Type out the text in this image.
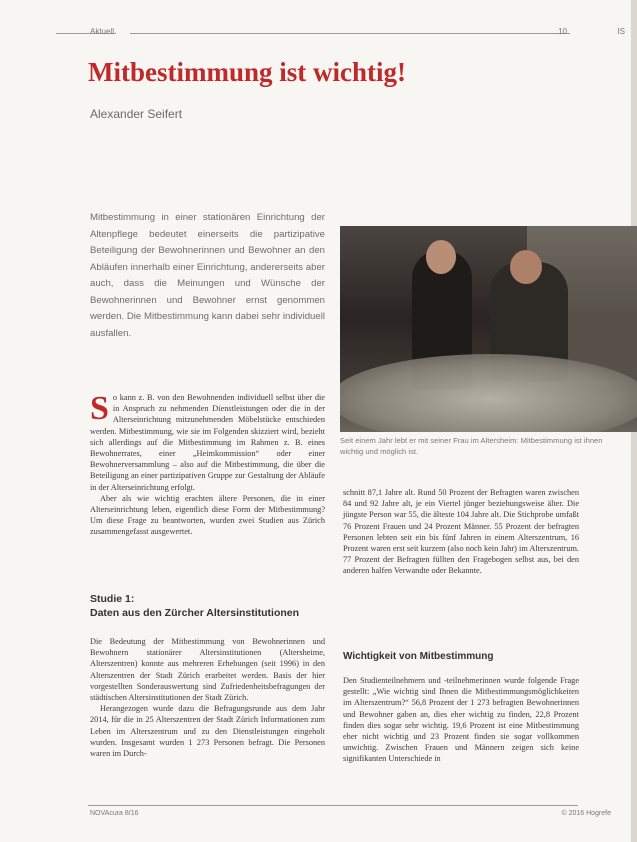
Aktuell	10	IS
Mitbestimmung ist wichtig!
Alexander Seifert

Mitbestimmung in einer stationären Einrichtung der Altenpflege bedeutet einerseits die partizipative Beteiligung der Bewohnerinnen und Bewohner an den Abläufen innerhalb einer Einrichtung, andererseits aber auch, dass die Meinungen und Wünsche der Bewohnerinnen und Bewohner ernst genommen werden. Die Mitbestimmung kann dabei sehr individuell ausfallen.

Seit einem Jahr lebt er mit seiner Frau im Altersheim: Mitbestimmung ist ihnen wichtig und möglich ist.

So kann z. B. von den Bewohnenden individuell selbst über die in Anspruch zu nehmenden Dienstleistungen oder die in der Alterseinrichtung mitzunehmenden Möbelstücke entschieden werden. Mitbestimmung, wie sie im Folgenden skizziert wird, bezieht sich allerdings auf die Mitbestimmung im Rahmen z. B. eines Bewohnerrates, einer „Heimkommission“ oder einer Bewohnerversammlung – also auf die Mitbestimmung, die über die Beteiligung an einer partizipativen Gruppe zur Gestaltung der Abläufe in der Alterseinrichtung erfolgt.

Aber als wie wichtig erachten ältere Personen, die in einer Alterseinrichtung leben, eigentlich diese Form der Mitbestimmung? Um diese Frage zu beantworten, wurden zwei Studien aus Zürich zusammengefasst ausgewertet.

Studie 1:
Daten aus den Zürcher Altersinstitutionen

Die Bedeutung der Mitbestimmung von Bewohnerinnen und Bewohnern stationärer Altersinstitutionen (Altersheime, Alterszentren) konnte aus mehreren Erhebungen (seit 1996) in den Alterszentren der Stadt Zürich erarbeitet werden. Basis der hier vorgestellten Sonderauswertung sind Zufriedenheitsbefragungen der städtischen Altersinstitutionen der Stadt Zürich.

Herangezogen wurde dazu die Befragungsrunde aus dem Jahr 2014, für die in 25 Alterszentren der Stadt Zürich Informationen zum Leben im Alterszentrum und zu den Dienstleistungen eingeholt wurden. Insgesamt wurden 1 273 Personen befragt. Die Personen waren im Durch-

schnitt 87,1 Jahre alt. Rund 50 Prozent der Befragten waren zwischen 84 und 92 Jahre alt, je ein Viertel jünger beziehungsweise älter. Die jüngste Person war 55, die älteste 104 Jahre alt. Die Stichprobe umfaßt 76 Prozent Frauen und 24 Prozent Männer. 55 Prozent der befragten Personen lebten seit ein bis fünf Jahren in einem Alterszentrum, 16 Prozent waren erst seit kurzem (also noch kein Jahr) im Alterszentrum. 77 Prozent der Befragten füllten den Fragebogen selbst aus, bei den anderen halfen Verwandte oder Bekannte.

Wichtigkeit von Mitbestimmung

Den Studienteilnehmern und -teilnehmerinnen wurde folgende Frage gestellt: „Wie wichtig sind Ihnen die Mitbestimmungsmöglichkeiten im Alterszentrum?“ 56,8 Prozent der 1 273 befragten Bewohnerinnen und Bewohner gaben an, dies eher wichtig zu finden, 22,8 Prozent finden dies sogar sehr wichtig. 19,6 Prozent ist eine Mitbestimmung eher nicht wichtig und 23 Prozent finden sie sogar vollkommen unwichtig. Zwischen Frauen und Männern zeigen sich keine signifikanten Unterschiede in

NOVAcura 8/16	© 2016 Hogrefe
